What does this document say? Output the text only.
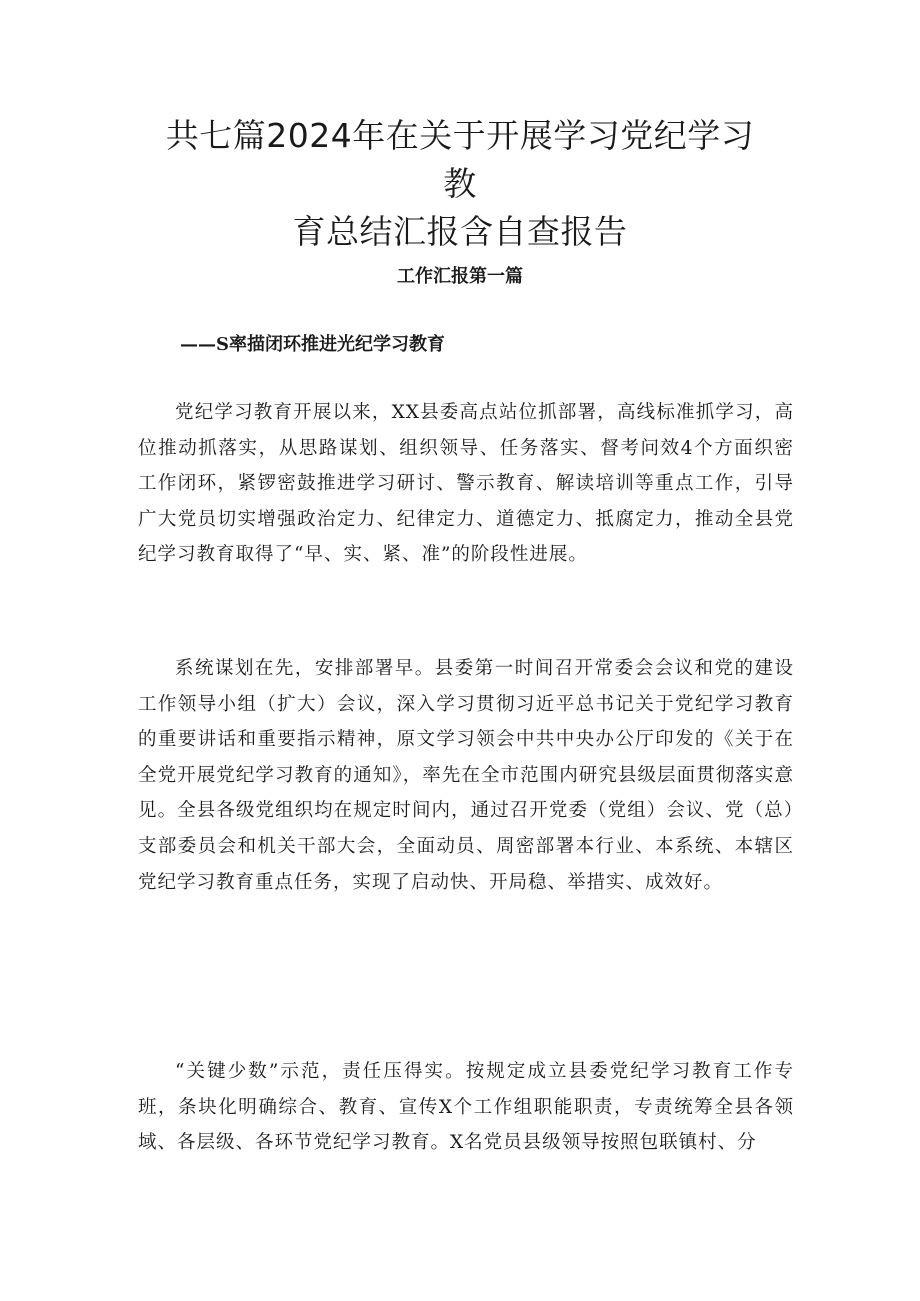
共七篇2024年在关于开展学习党纪学习教
育总结汇报含自查报告
工作汇报第一篇
——S率描闭环推进光纪学习教育

党纪学习教育开展以来，XX县委高点站位抓部署，高线标准抓学习，高位推动抓落实，从思路谋划、组织领导、任务落实、督考问效4个方面织密工作闭环，紧锣密鼓推进学习研讨、警示教育、解读培训等重点工作，引导广大党员切实增强政治定力、纪律定力、道德定力、抵腐定力，推动全县党纪学习教育取得了“早、实、紧、准”的阶段性进展。

系统谋划在先，安排部署早。县委第一时间召开常委会会议和党的建设工作领导小组（扩大）会议，深入学习贯彻习近平总书记关于党纪学习教育的重要讲话和重要指示精神，原文学习领会中共中央办公厅印发的《关于在全党开展党纪学习教育的通知》，率先在全市范围内研究县级层面贯彻落实意见。全县各级党组织均在规定时间内，通过召开党委（党组）会议、党（总）支部委员会和机关干部大会，全面动员、周密部署本行业、本系统、本辖区党纪学习教育重点任务，实现了启动快、开局稳、举措实、成效好。

“关键少数”示范，责任压得实。按规定成立县委党纪学习教育工作专班，条块化明确综合、教育、宣传X个工作组职能职责，专责统筹全县各领域、各层级、各环节党纪学习教育。X名党员县级领导按照包联镇村、分
